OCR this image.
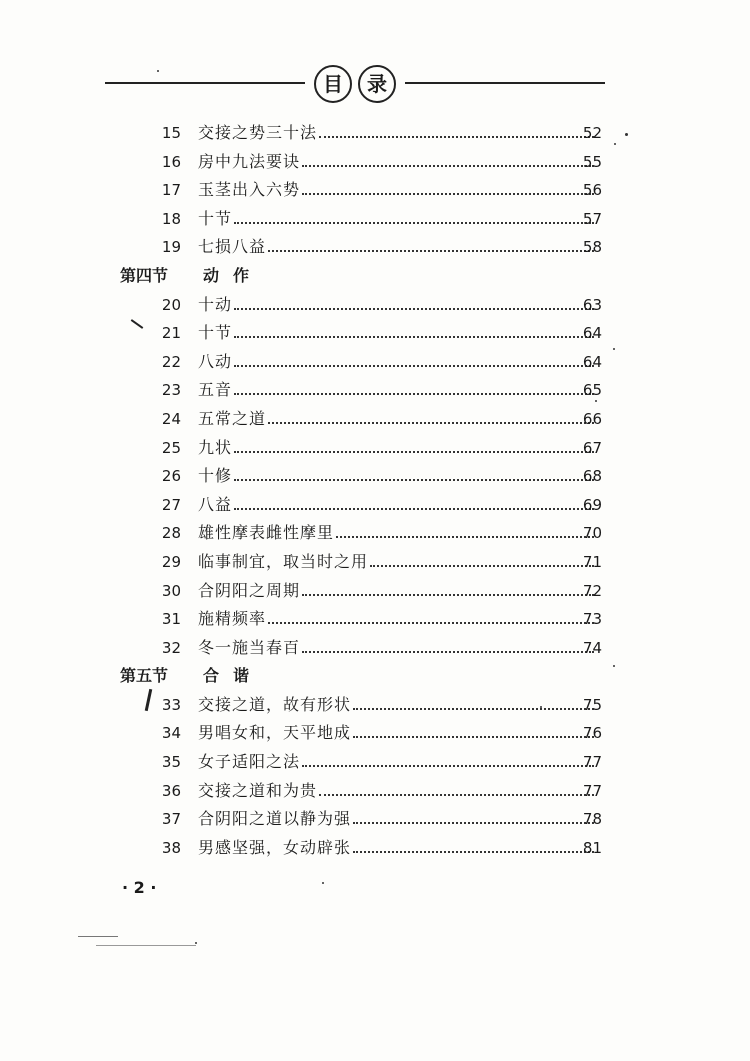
目	录
15 交接之势三十法	52
16 房中九法要诀	55
17 玉茎出入六势	56
18 十节	57
19 七损八益	58
第四节 动作
20 十动	63
21 十节	64
22 八动	64
23 五音	65
24 五常之道	66
25 九状	67
26 十修	68
27 八益	69
28 雄性摩表雌性摩里	70
29 临事制宜，取当时之用	71
30 合阴阳之周期	72
31 施精频率	73
32 冬一施当春百	74
第五节 合谐
33 交接之道，故有形状	75
34 男唱女和，天平地成	76
35 女子适阳之法	77
36 交接之道和为贵	77
37 合阴阳之道以静为强	78
38 男感坚强，女动辟张	81
· 2 ·
